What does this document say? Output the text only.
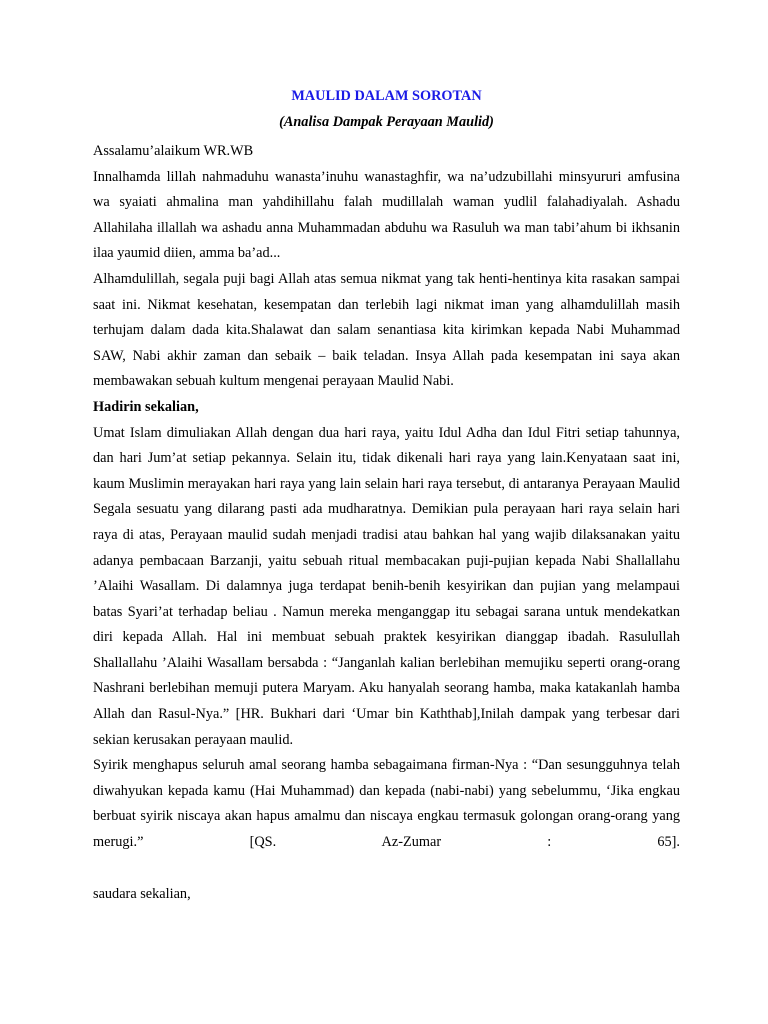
MAULID DALAM SOROTAN

(Analisa Dampak Perayaan Maulid)

Assalamu’alaikum WR.WB

Innalhamda lillah nahmaduhu wanasta’inuhu wanastaghfir, wa na’udzubillahi minsyururi amfusina wa syaiati ahmalina man yahdihillahu falah mudillalah waman yudlil falahadiyalah. Ashadu Allahilaha illallah wa ashadu anna Muhammadan abduhu wa Rasuluh wa man tabi’ahum bi ikhsanin ilaa yaumid diien, amma ba’ad...

Alhamdulillah, segala puji bagi Allah atas semua nikmat yang tak henti-hentinya kita rasakan sampai saat ini. Nikmat kesehatan, kesempatan dan terlebih lagi nikmat iman yang alhamdulillah masih terhujam dalam dada kita.Shalawat dan salam senantiasa kita kirimkan kepada Nabi Muhammad SAW, Nabi akhir zaman dan sebaik – baik teladan. Insya Allah pada kesempatan ini saya akan membawakan sebuah kultum mengenai perayaan Maulid Nabi.

Hadirin sekalian,

Umat Islam dimuliakan Allah dengan dua hari raya, yaitu Idul Adha dan Idul Fitri setiap tahunnya, dan hari Jum’at setiap pekannya. Selain itu, tidak dikenali hari raya yang lain.Kenyataan saat ini, kaum Muslimin merayakan hari raya yang lain selain hari raya tersebut, di antaranya Perayaan Maulid Segala sesuatu yang dilarang pasti ada mudharatnya. Demikian pula perayaan hari raya selain hari raya di atas, Perayaan maulid sudah menjadi tradisi atau bahkan hal yang wajib dilaksanakan yaitu adanya pembacaan Barzanji, yaitu sebuah ritual membacakan puji-pujian kepada Nabi Shallallahu ’Alaihi Wasallam. Di dalamnya juga terdapat benih-benih kesyirikan dan pujian yang melampaui batas Syari’at terhadap beliau . Namun mereka menganggap itu sebagai sarana untuk mendekatkan diri kepada Allah. Hal ini membuat sebuah praktek kesyirikan dianggap ibadah. Rasulullah Shallallahu ’Alaihi Wasallam bersabda : “Janganlah kalian berlebihan memujiku seperti orang-orang Nashrani berlebihan memuji putera Maryam. Aku hanyalah seorang hamba, maka katakanlah hamba Allah dan Rasul-Nya.” [HR. Bukhari dari ‘Umar bin Kaththab],Inilah dampak yang terbesar dari sekian kerusakan perayaan maulid.

Syirik menghapus seluruh amal seorang hamba sebagaimana firman-Nya : “Dan sesungguhnya telah diwahyukan kepada kamu (Hai Muhammad) dan kepada (nabi-nabi) yang sebelummu, ‘Jika engkau berbuat syirik niscaya akan hapus amalmu dan niscaya engkau termasuk golongan orang-orang yang merugi.” [QS. Az-Zumar : 65].

saudara sekalian,
